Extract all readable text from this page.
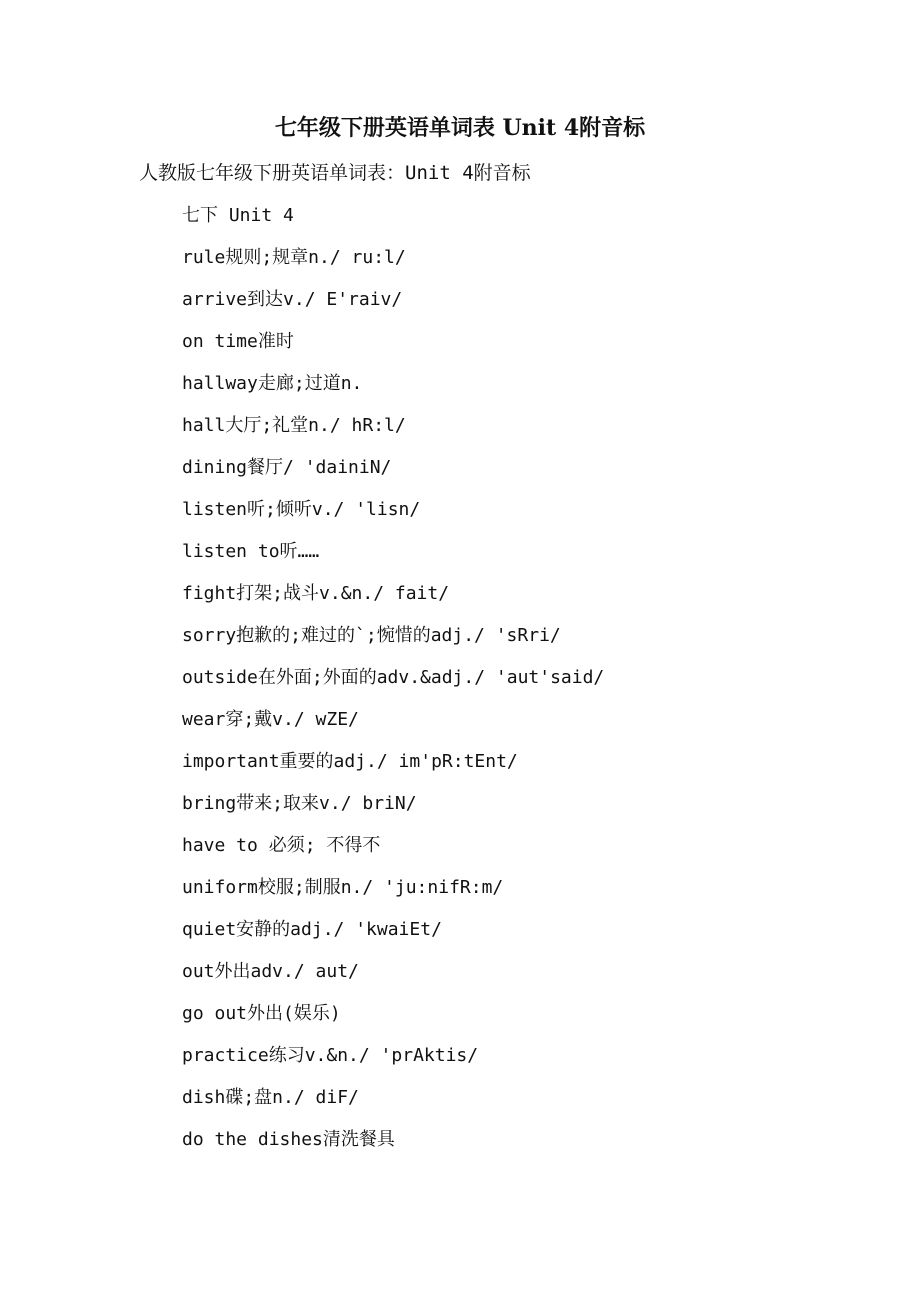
七年级下册英语单词表 Unit 4附音标

人教版七年级下册英语单词表：Unit 4附音标

七下 Unit 4
rule规则;规章n./ ru:l/
arrive到达v./ E'raiv/
on time准时
hallway走廊;过道n.
hall大厅;礼堂n./ hR:l/
dining餐厅/ 'dainiN/
listen听;倾听v./ 'lisn/
listen to听……
fight打架;战斗v.&n./ fait/
sorry抱歉的;难过的`;惋惜的adj./ 'sRri/
outside在外面;外面的adv.&adj./ 'aut'said/
wear穿;戴v./ wZE/
important重要的adj./ im'pR:tEnt/
bring带来;取来v./ briN/
have to 必须; 不得不
uniform校服;制服n./ 'ju:nifR:m/
quiet安静的adj./ 'kwaiEt/
out外出adv./ aut/
go out外出(娱乐)
practice练习v.&n./ 'prAktis/
dish碟;盘n./ diF/
do the dishes清洗餐具
